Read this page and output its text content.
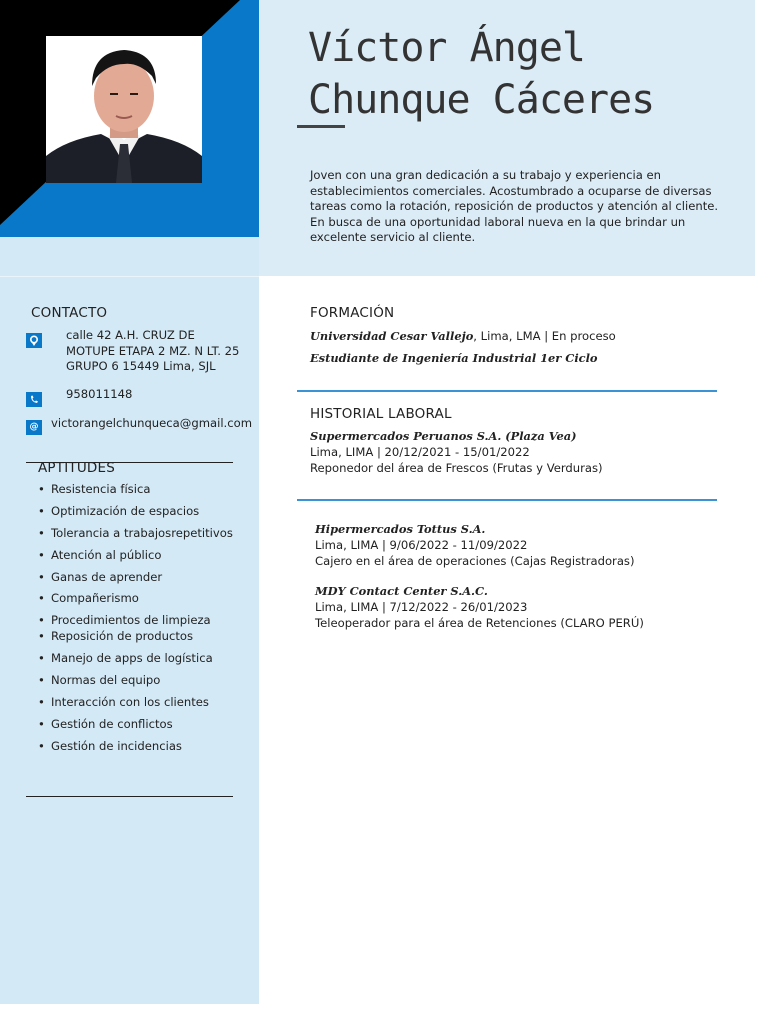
Víctor Ángel
Chunque Cáceres
Joven con una gran dedicación a su trabajo y experiencia en establecimientos comerciales. Acostumbrado a ocuparse de diversas tareas como la rotación, reposición de productos y atención al cliente. En busca de una oportunidad laboral nueva en la que brindar un excelente servicio al cliente.
CONTACTO
calle 42 A.H. CRUZ DE MOTUPE ETAPA 2 MZ. N LT. 25 GRUPO 6 15449 Lima, SJL
958011148
@	victorangelchunqueca@gmail.com
APTITUDES
• Resistencia física
• Optimización de espacios
• Tolerancia a trabajosrepetitivos
• Atención al público
• Ganas de aprender
• Compañerismo
• Procedimientos de limpieza
• Reposición de productos
• Manejo de apps de logística
• Normas del equipo
• Interacción con los clientes
• Gestión de conflictos
• Gestión de incidencias
FORMACIÓN
Universidad Cesar Vallejo, Lima, LMA | En proceso
Estudiante de Ingeniería Industrial 1er Ciclo
HISTORIAL LABORAL
Supermercados Peruanos S.A. (Plaza Vea)
Lima, LIMA | 20/12/2021 - 15/01/2022
Reponedor del área de Frescos (Frutas y Verduras)
Hipermercados Tottus S.A.
Lima, LIMA | 9/06/2022 - 11/09/2022
Cajero en el área de operaciones (Cajas Registradoras)
MDY Contact Center S.A.C.
Lima, LIMA | 7/12/2022 - 26/01/2023
Teleoperador para el área de Retenciones (CLARO PERÚ)
